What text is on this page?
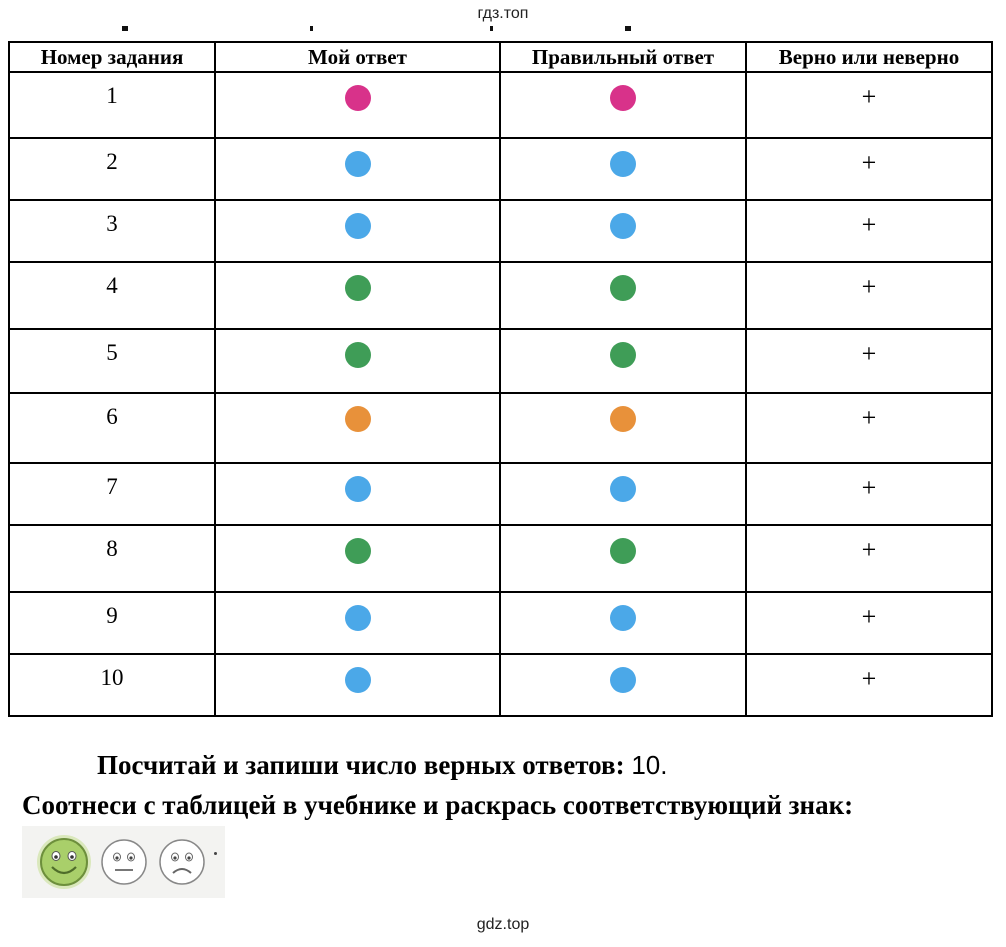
гдз.топ
Номер задания	Мой ответ	Правильный ответ	Верно или неверно

1			+

2			+

3			+

4			+

5			+

6			+

7			+

8			+

9			+

10			+
Посчитай и запиши число верных ответов: 10.
Соотнеси с таблицей в учебнике и раскрась соответствующий знак:
gdz.top
